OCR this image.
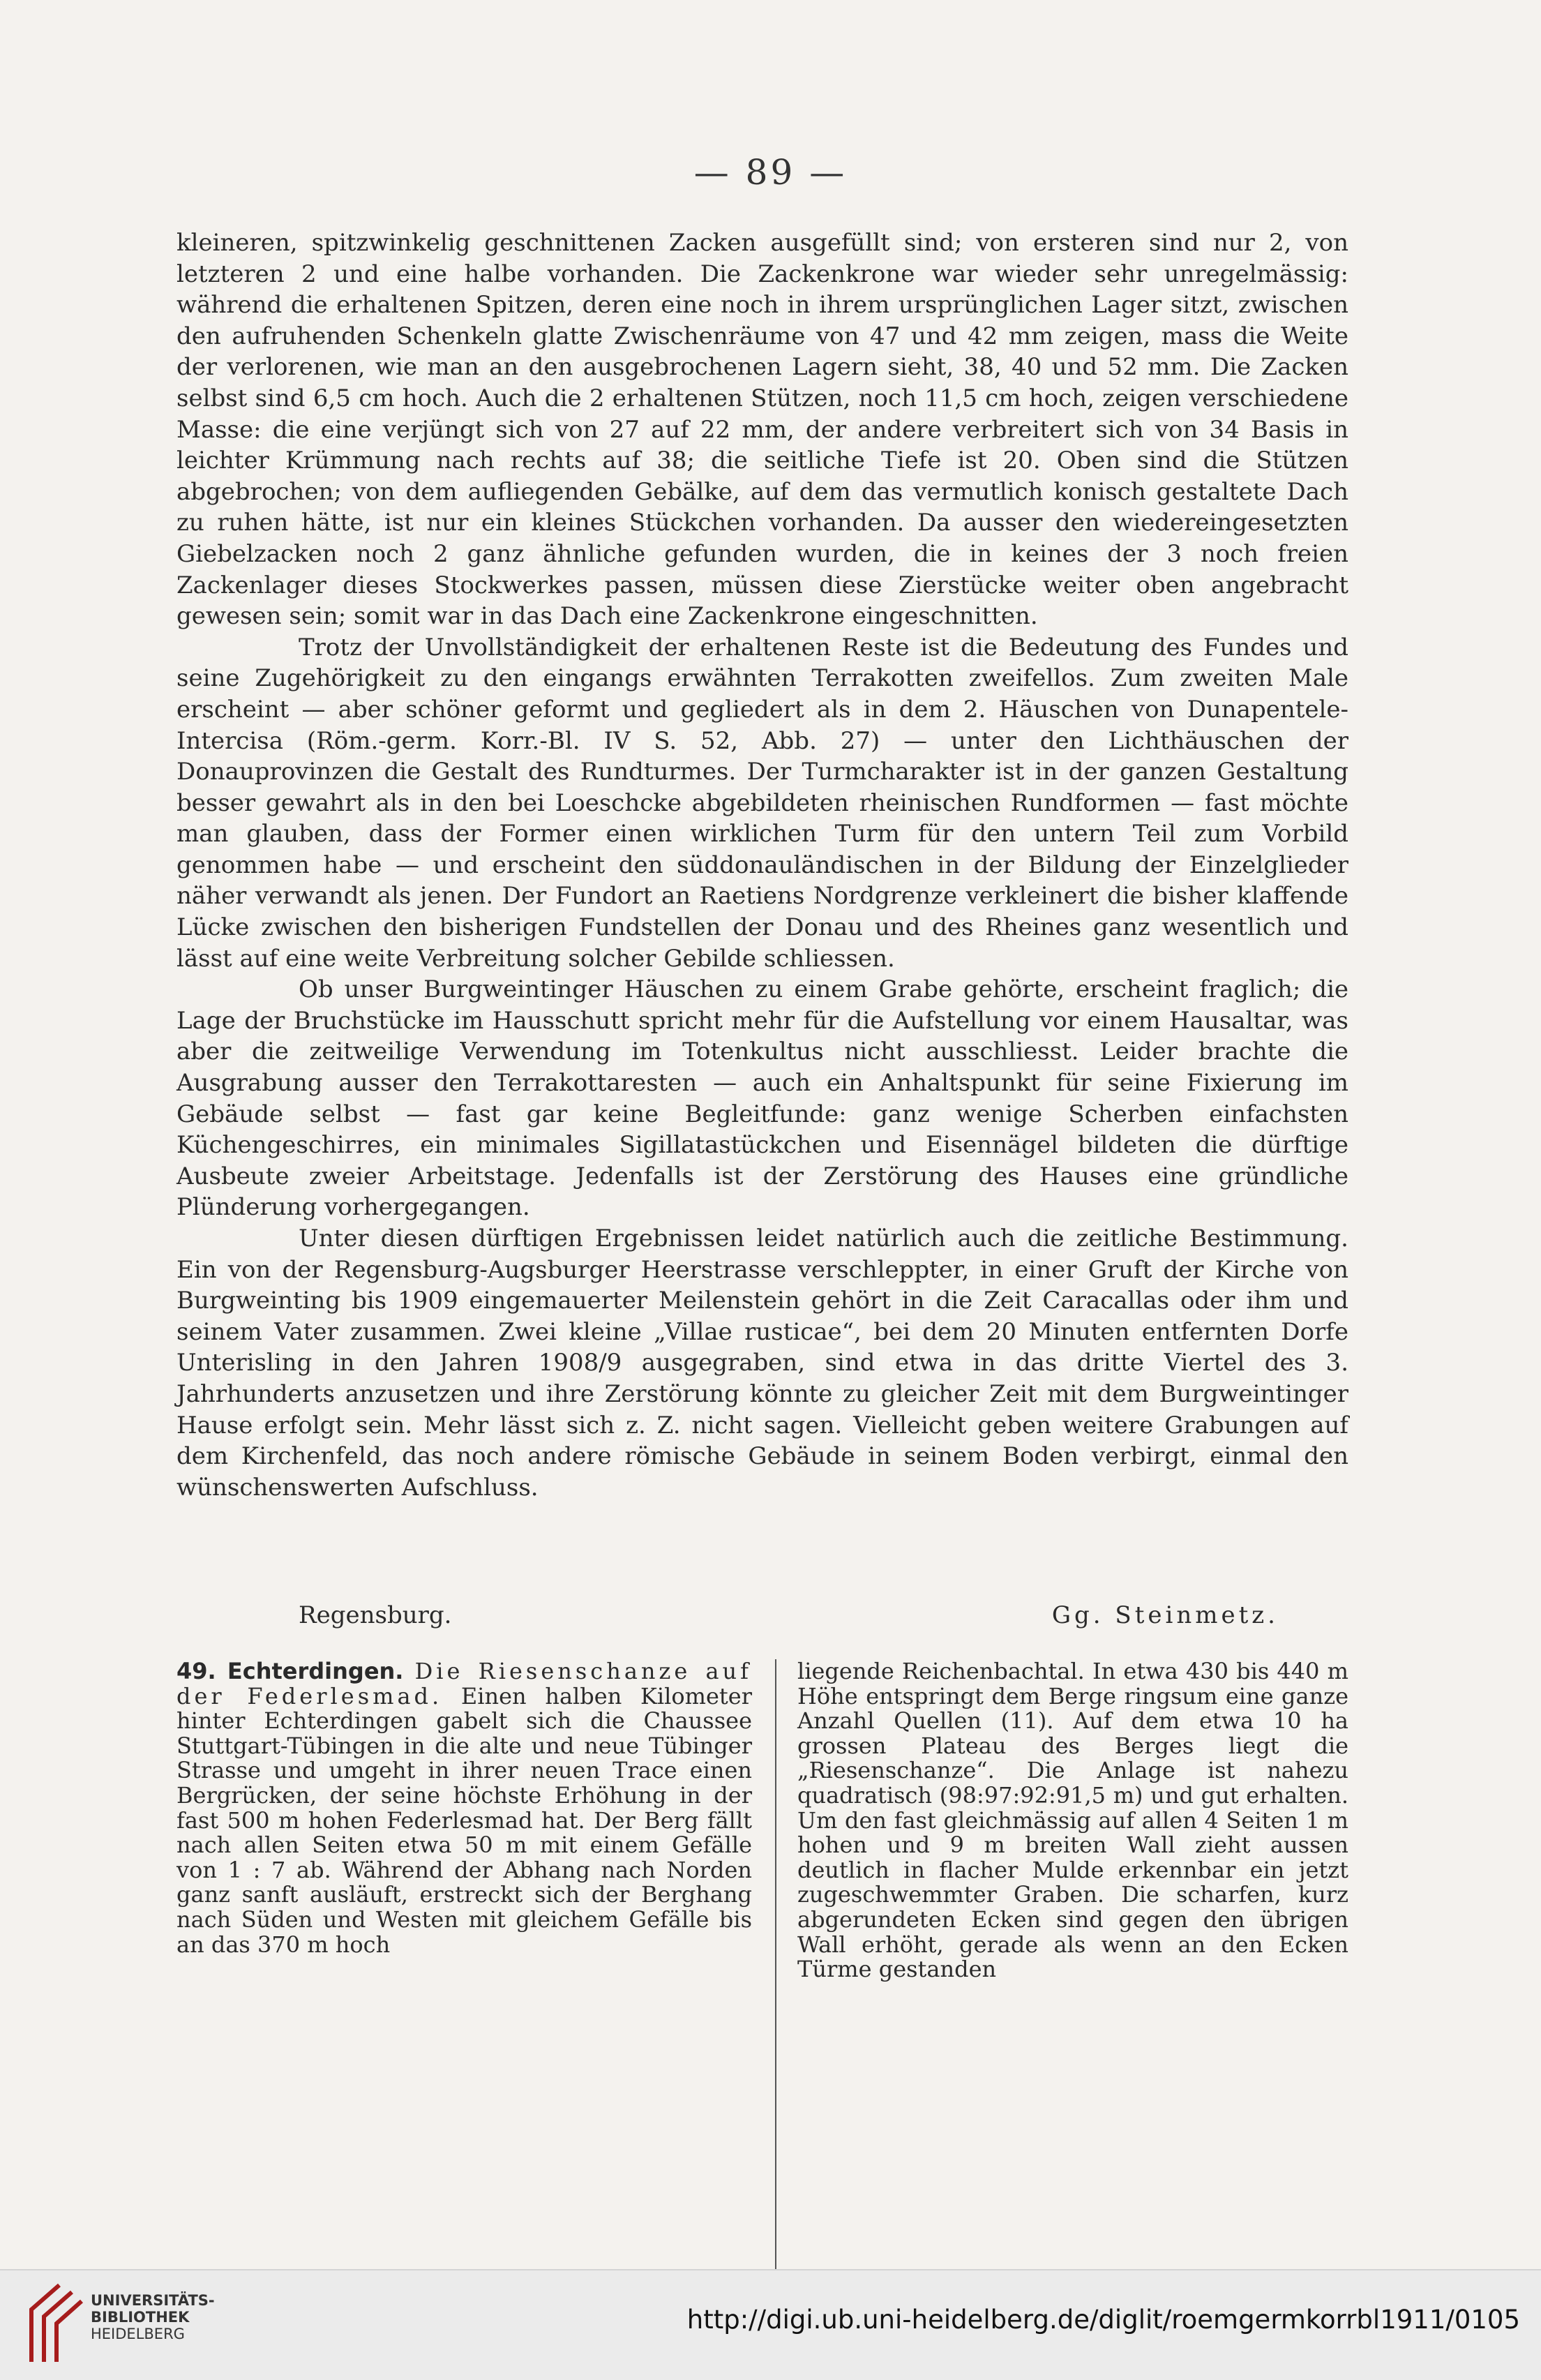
— 89 —

kleineren, spitzwinkelig geschnittenen Zacken ausgefüllt sind; von ersteren sind nur 2, von letzteren 2 und eine halbe vorhanden. Die Zackenkrone war wieder sehr unregelmässig: während die erhaltenen Spitzen, deren eine noch in ihrem ursprünglichen Lager sitzt, zwischen den aufruhenden Schenkeln glatte Zwischenräume von 47 und 42 mm zeigen, mass die Weite der verlorenen, wie man an den ausgebrochenen Lagern sieht, 38, 40 und 52 mm. Die Zacken selbst sind 6,5 cm hoch. Auch die 2 erhaltenen Stützen, noch 11,5 cm hoch, zeigen verschiedene Masse: die eine verjüngt sich von 27 auf 22 mm, der andere verbreitert sich von 34 Basis in leichter Krümmung nach rechts auf 38; die seitliche Tiefe ist 20. Oben sind die Stützen abgebrochen; von dem aufliegenden Gebälke, auf dem das vermutlich konisch gestaltete Dach zu ruhen hätte, ist nur ein kleines Stückchen vorhanden. Da ausser den wiedereingesetzten Giebelzacken noch 2 ganz ähnliche gefunden wurden, die in keines der 3 noch freien Zackenlager dieses Stockwerkes passen, müssen diese Zierstücke weiter oben angebracht gewesen sein; somit war in das Dach eine Zackenkrone eingeschnitten.

Trotz der Unvollständigkeit der erhaltenen Reste ist die Bedeutung des Fundes und seine Zugehörigkeit zu den eingangs erwähnten Terrakotten zweifellos. Zum zweiten Male erscheint — aber schöner geformt und gegliedert als in dem 2. Häuschen von Dunapentele-Intercisa (Röm.-germ. Korr.-Bl. IV S. 52, Abb. 27) — unter den Lichthäuschen der Donauprovinzen die Gestalt des Rundturmes. Der Turmcharakter ist in der ganzen Gestaltung besser gewahrt als in den bei Loeschcke abgebildeten rheinischen Rundformen — fast möchte man glauben, dass der Former einen wirklichen Turm für den untern Teil zum Vorbild genommen habe — und erscheint den süddonauländischen in der Bildung der Einzelglieder näher verwandt als jenen. Der Fundort an Raetiens Nordgrenze verkleinert die bisher klaffende Lücke zwischen den bisherigen Fundstellen der Donau und des Rheines ganz wesentlich und lässt auf eine weite Verbreitung solcher Gebilde schliessen.

Ob unser Burgweintinger Häuschen zu einem Grabe gehörte, erscheint fraglich; die Lage der Bruchstücke im Hausschutt spricht mehr für die Aufstellung vor einem Hausaltar, was aber die zeitweilige Verwendung im Totenkultus nicht ausschliesst. Leider brachte die Ausgrabung ausser den Terrakottaresten — auch ein Anhaltspunkt für seine Fixierung im Gebäude selbst — fast gar keine Begleitfunde: ganz wenige Scherben einfachsten Küchengeschirres, ein minimales Sigillatastückchen und Eisennägel bildeten die dürftige Ausbeute zweier Arbeitstage. Jedenfalls ist der Zerstörung des Hauses eine gründliche Plünderung vorhergegangen.

Unter diesen dürftigen Ergebnissen leidet natürlich auch die zeitliche Bestimmung. Ein von der Regensburg-Augsburger Heerstrasse verschleppter, in einer Gruft der Kirche von Burgweinting bis 1909 eingemauerter Meilenstein gehört in die Zeit Caracallas oder ihm und seinem Vater zusammen. Zwei kleine „Villae rusticae“, bei dem 20 Minuten entfernten Dorfe Unterisling in den Jahren 1908/9 ausgegraben, sind etwa in das dritte Viertel des 3. Jahrhunderts anzusetzen und ihre Zerstörung könnte zu gleicher Zeit mit dem Burgweintinger Hause erfolgt sein. Mehr lässt sich z. Z. nicht sagen. Vielleicht geben weitere Grabungen auf dem Kirchenfeld, das noch andere römische Gebäude in seinem Boden verbirgt, einmal den wünschenswerten Aufschluss.

Regensburg.	Gg. Steinmetz.
49. Echterdingen. Die Riesenschanze auf der Federlesmad. Einen halben Kilometer hinter Echterdingen gabelt sich die Chaussee Stuttgart-Tübingen in die alte und neue Tübinger Strasse und umgeht in ihrer neuen Trace einen Bergrücken, der seine höchste Erhöhung in der fast 500 m hohen Federlesmad hat. Der Berg fällt nach allen Seiten etwa 50 m mit einem Gefälle von 1 : 7 ab. Während der Abhang nach Norden ganz sanft ausläuft, erstreckt sich der Berghang nach Süden und Westen mit gleichem Gefälle bis an das 370 m hoch
liegende Reichenbachtal. In etwa 430 bis 440 m Höhe entspringt dem Berge ringsum eine ganze Anzahl Quellen (11). Auf dem etwa 10 ha grossen Plateau des Berges liegt die „Riesenschanze“. Die Anlage ist nahezu quadratisch (98:97:92:91,5 m) und gut erhalten. Um den fast gleichmässig auf allen 4 Seiten 1 m hohen und 9 m breiten Wall zieht aussen deutlich in flacher Mulde erkennbar ein jetzt zugeschwemmter Graben. Die scharfen, kurz abgerundeten Ecken sind gegen den übrigen Wall erhöht, gerade als wenn an den Ecken Türme gestanden
UNIVERSITÄTS-
BIBLIOTHEK
HEIDELBERG	http://digi.ub.uni-heidelberg.de/diglit/roemgermkorrbl1911/0105
